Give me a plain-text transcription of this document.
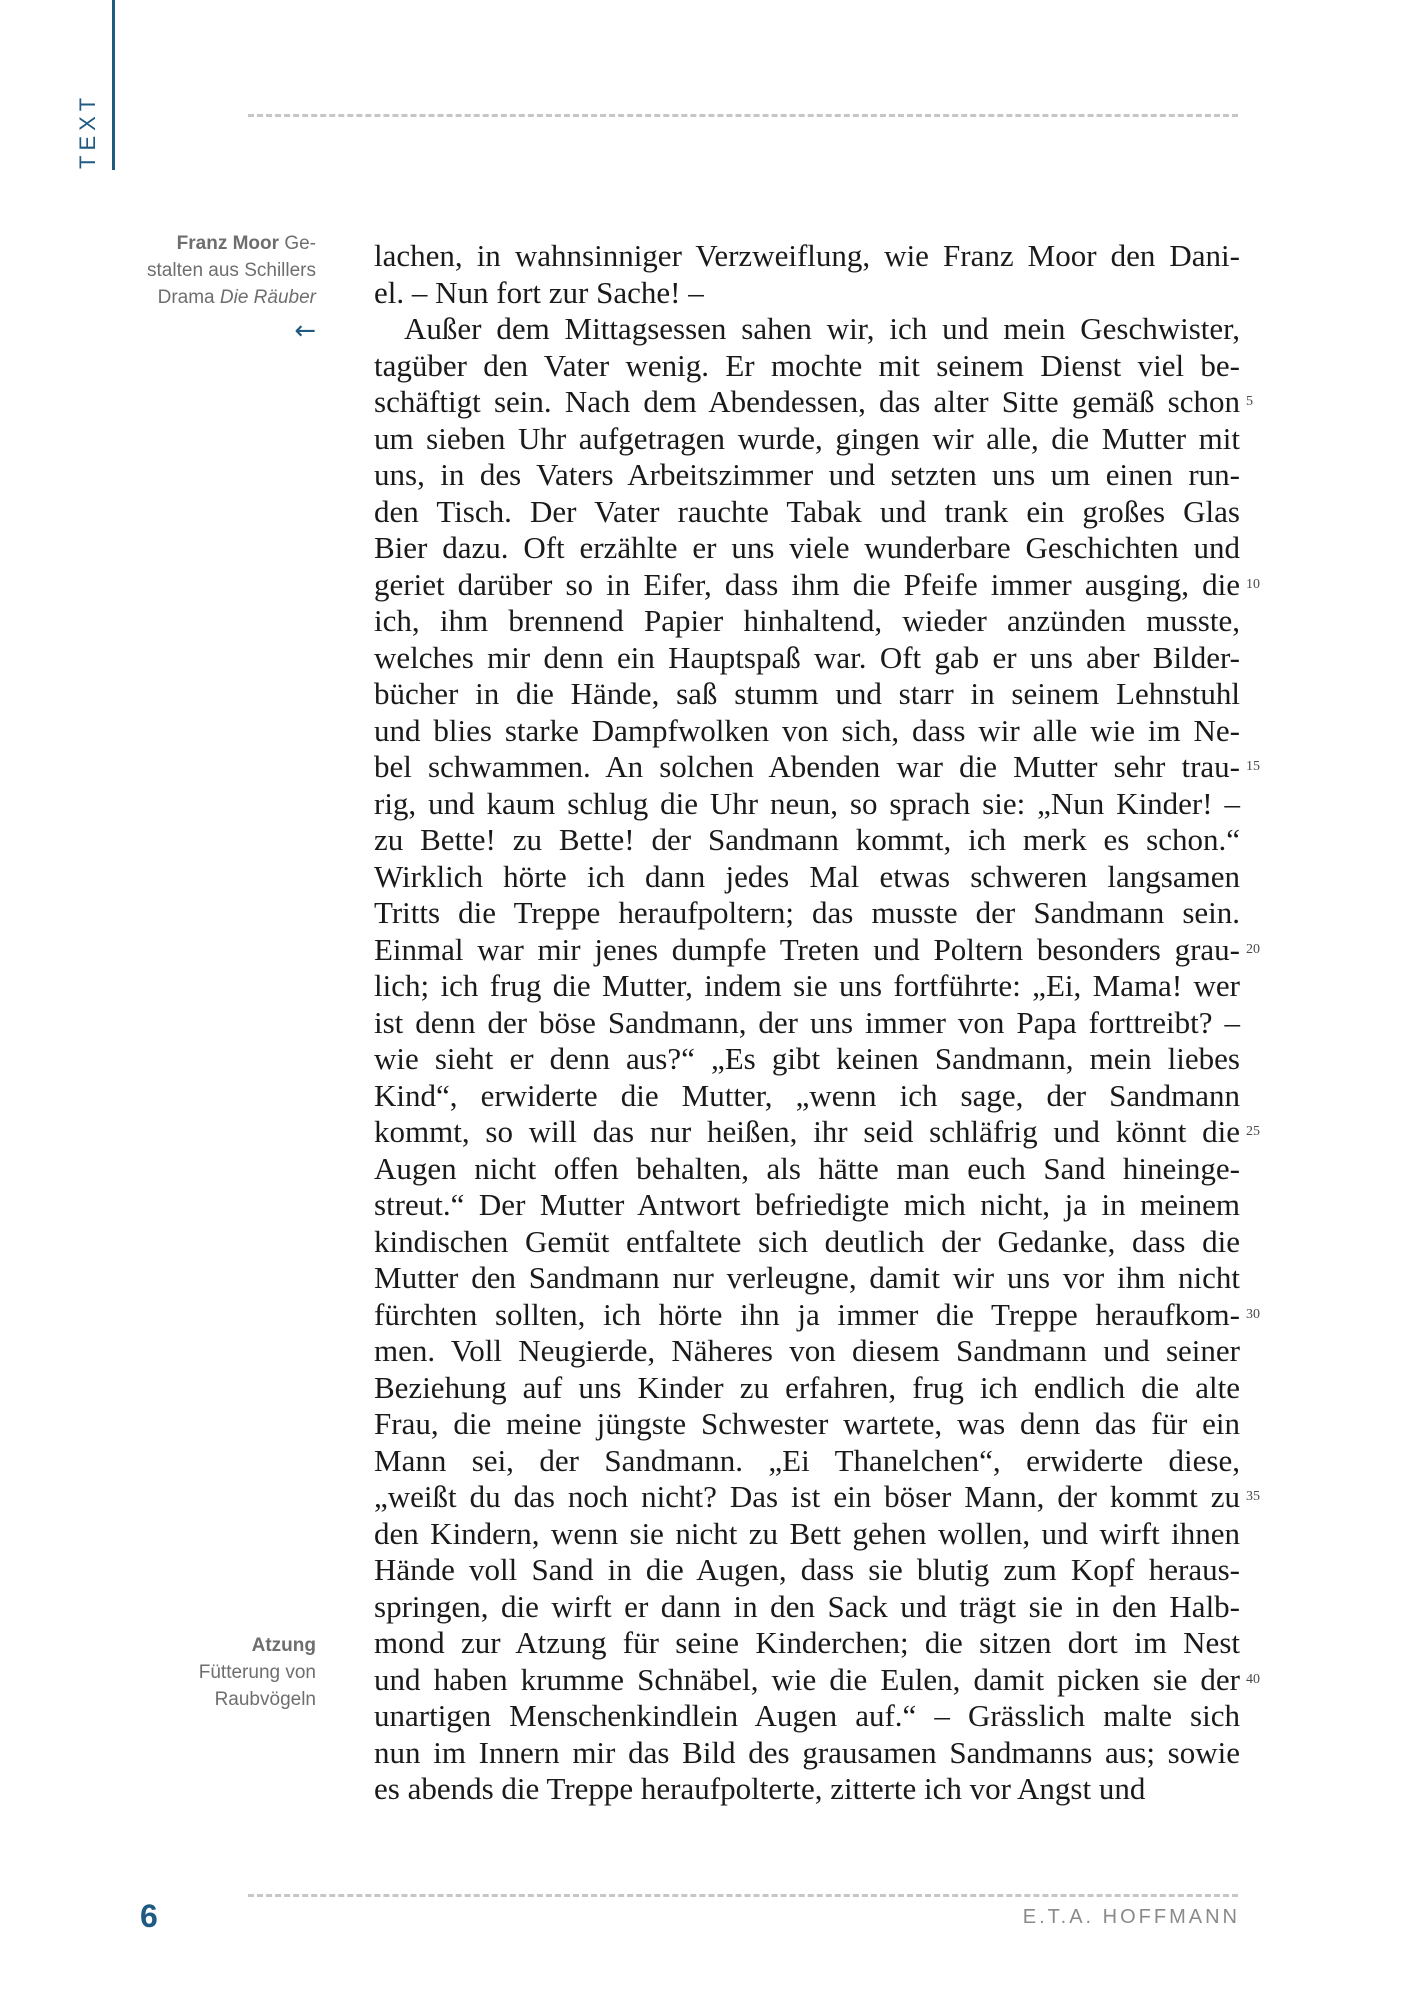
TEXT
Franz Moor Ge-
stalten aus Schillers
Drama Die Räuber
←
Atzung
Fütterung von
Raubvögeln
lachen, in wahnsinniger Verzweiflung, wie Franz Moor den Dani-
el. – Nun fort zur Sache! –
Außer dem Mittagsessen sahen wir, ich und mein Geschwister,
tagüber den Vater wenig. Er mochte mit seinem Dienst viel be-
schäftigt sein. Nach dem Abendessen, das alter Sitte gemäß schon
um sieben Uhr aufgetragen wurde, gingen wir alle, die Mutter mit
uns, in des Vaters Arbeitszimmer und setzten uns um einen run-
den Tisch. Der Vater rauchte Tabak und trank ein großes Glas
Bier dazu. Oft erzählte er uns viele wunderbare Geschichten und
geriet darüber so in Eifer, dass ihm die Pfeife immer ausging, die
ich, ihm brennend Papier hinhaltend, wieder anzünden musste,
welches mir denn ein Hauptspaß war. Oft gab er uns aber Bilder-
bücher in die Hände, saß stumm und starr in seinem Lehnstuhl
und blies starke Dampfwolken von sich, dass wir alle wie im Ne-
bel schwammen. An solchen Abenden war die Mutter sehr trau-
rig, und kaum schlug die Uhr neun, so sprach sie: „Nun Kinder! –
zu Bette! zu Bette! der Sandmann kommt, ich merk es schon.“
Wirklich hörte ich dann jedes Mal etwas schweren langsamen
Tritts die Treppe heraufpoltern; das musste der Sandmann sein.
Einmal war mir jenes dumpfe Treten und Poltern besonders grau-
lich; ich frug die Mutter, indem sie uns fortführte: „Ei, Mama! wer
ist denn der böse Sandmann, der uns immer von Papa forttreibt? –
wie sieht er denn aus?“ „Es gibt keinen Sandmann, mein liebes
Kind“, erwiderte die Mutter, „wenn ich sage, der Sandmann
kommt, so will das nur heißen, ihr seid schläfrig und könnt die
Augen nicht offen behalten, als hätte man euch Sand hineinge-
streut.“ Der Mutter Antwort befriedigte mich nicht, ja in meinem
kindischen Gemüt entfaltete sich deutlich der Gedanke, dass die
Mutter den Sandmann nur verleugne, damit wir uns vor ihm nicht
fürchten sollten, ich hörte ihn ja immer die Treppe heraufkom-
men. Voll Neugierde, Näheres von diesem Sandmann und seiner
Beziehung auf uns Kinder zu erfahren, frug ich endlich die alte
Frau, die meine jüngste Schwester wartete, was denn das für ein
Mann sei, der Sandmann. „Ei Thanelchen“, erwiderte diese,
„weißt du das noch nicht? Das ist ein böser Mann, der kommt zu
den Kindern, wenn sie nicht zu Bett gehen wollen, und wirft ihnen
Hände voll Sand in die Augen, dass sie blutig zum Kopf heraus-
springen, die wirft er dann in den Sack und trägt sie in den Halb-
mond zur Atzung für seine Kinderchen; die sitzen dort im Nest
und haben krumme Schnäbel, wie die Eulen, damit picken sie der
unartigen Menschenkindlein Augen auf.“ – Grässlich malte sich
nun im Innern mir das Bild des grausamen Sandmanns aus; sowie
es abends die Treppe heraufpolterte, zitterte ich vor Angst und
5
10
15
20
25
30
35
40
6	E.T.A. HOFFMANN
